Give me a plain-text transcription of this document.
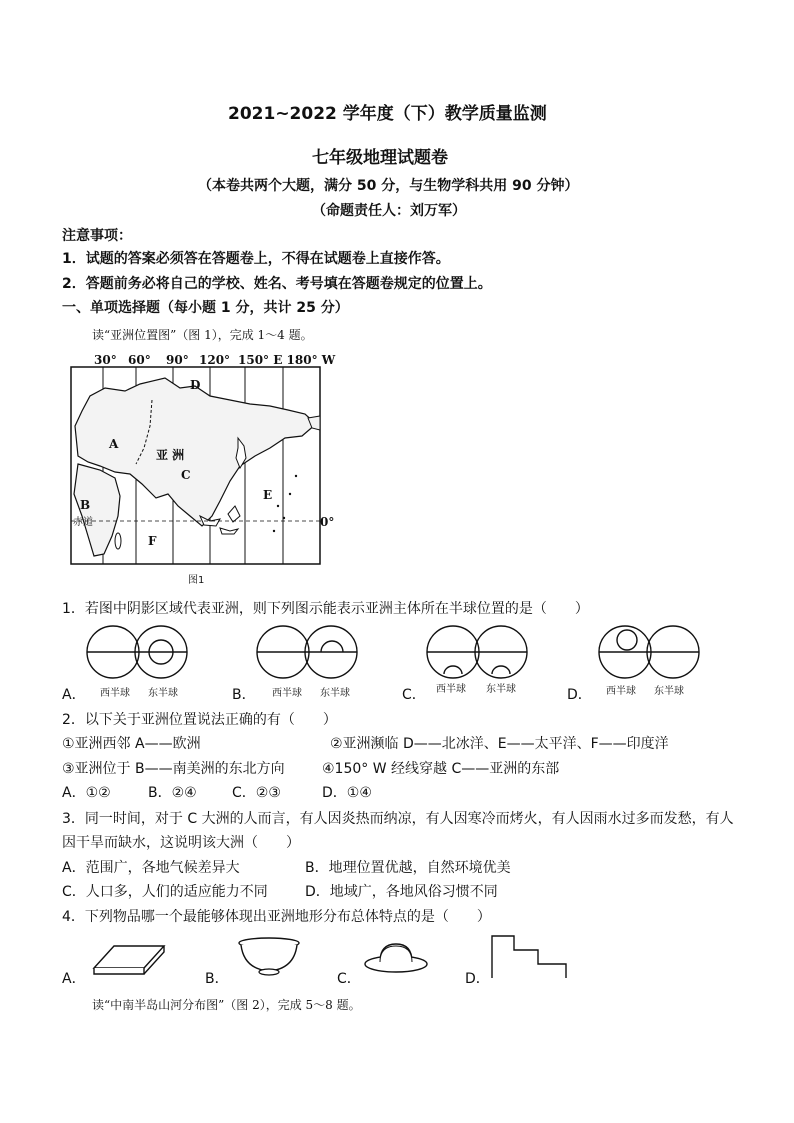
2021~2022 学年度（下）教学质量监测
七年级地理试题卷
（本卷共两个大题，满分 50 分，与生物学科共用 90 分钟）
（命题责任人：刘万军）
注意事项：
1．试题的答案必须答在答题卷上，不得在试题卷上直接作答。
2．答题前务必将自己的学校、姓名、考号填在答题卷规定的位置上。
一、单项选择题（每小题 1 分，共计 25 分）
读“亚洲位置图”（图 1），完成 1～4 题。
30° 60° 90° 120° 150° E 180° W
D
A
亚 洲
C
E
B
赤道	0°
F
图1
1．若图中阴影区域代表亚洲，则下列图示能表示亚洲主体所在半球位置的是（　　）
A． 西半球 东半球	B． 西半球 东半球	C． 西半球 东半球	D． 西半球 东半球
2．以下关于亚洲位置说法正确的有（　　）
①亚洲西邻 A——欧洲	②亚洲濒临 D——北冰洋、E——太平洋、F——印度洋
③亚洲位于 B——南美洲的东北方向	④150° W 经线穿越 C——亚洲的东部
A．①②	B．②④	C．②③	D．①④
3．同一时间，对于 C 大洲的人而言，有人因炎热而纳凉，有人因寒冷而烤火，有人因雨水过多而发愁，有人
因干旱而缺水，这说明该大洲（　　）
A．范围广，各地气候差异大	B．地理位置优越，自然环境优美
C．人口多，人们的适应能力不同	D．地域广，各地风俗习惯不同
4．下列物品哪一个最能够体现出亚洲地形分布总体特点的是（　　）
A．	B．	C．	D．
读“中南半岛山河分布图”（图 2），完成 5～8 题。
